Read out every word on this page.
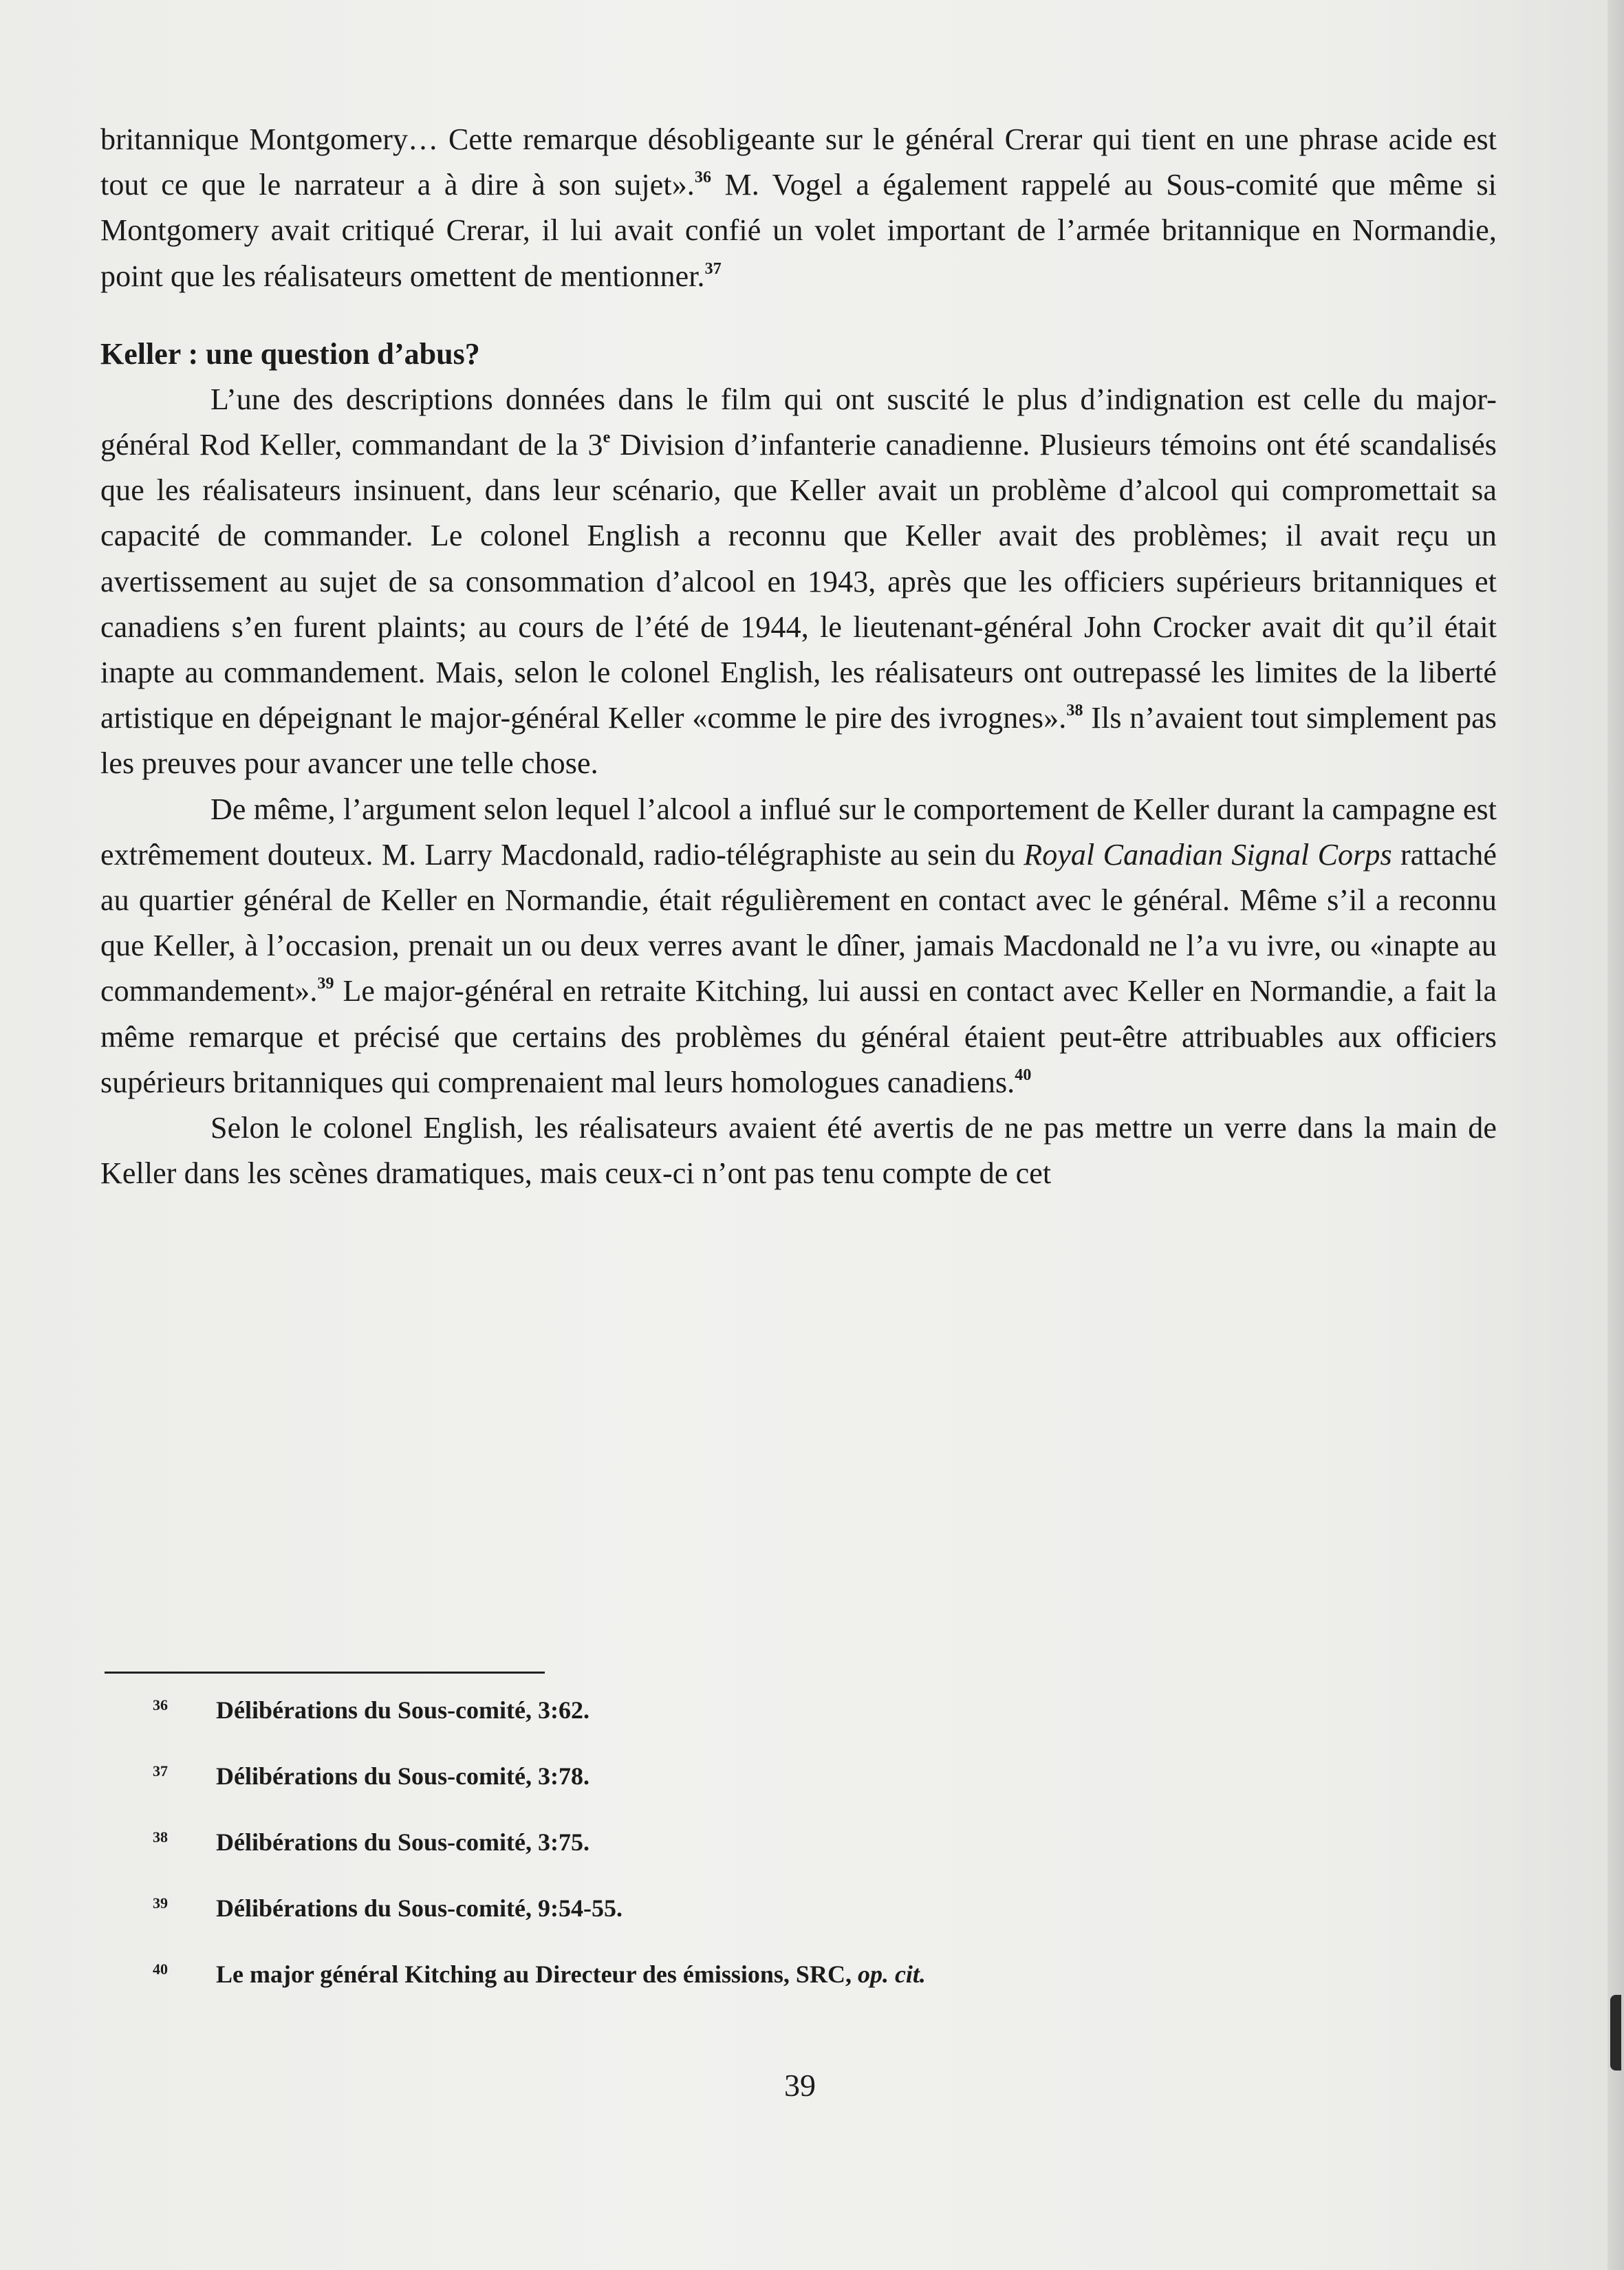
britannique Montgomery… Cette remarque désobligeante sur le général Crerar qui tient en une phrase acide est tout ce que le narrateur a à dire à son sujet».$^{36}$ M. Vogel a également rappelé au Sous-comité que même si Montgomery avait critiqué Crerar, il lui avait confié un volet important de l’armée britannique en Normandie, point que les réalisateurs omettent de mentionner.$^{37}$

Keller : une question d’abus?

L’une des descriptions données dans le film qui ont suscité le plus d’indignation est celle du major-général Rod Keller, commandant de la 3e Division d’infanterie canadienne. Plusieurs témoins ont été scandalisés que les réalisateurs insinuent, dans leur scénario, que Keller avait un problème d’alcool qui compromettait sa capacité de commander. Le colonel English a reconnu que Keller avait des problèmes; il avait reçu un avertissement au sujet de sa consommation d’alcool en 1943, après que les officiers supérieurs britanniques et canadiens s’en furent plaints; au cours de l’été de 1944, le lieutenant-général John Crocker avait dit qu’il était inapte au commandement. Mais, selon le colonel English, les réalisateurs ont outrepassé les limites de la liberté artistique en dépeignant le major-général Keller «comme le pire des ivrognes».$^{38}$ Ils n’avaient tout simplement pas les preuves pour avancer une telle chose.

De même, l’argument selon lequel l’alcool a influé sur le comportement de Keller durant la campagne est extrêmement douteux. M. Larry Macdonald, radio-télégraphiste au sein du Royal Canadian Signal Corps rattaché au quartier général de Keller en Normandie, était régulièrement en contact avec le général. Même s’il a reconnu que Keller, à l’occasion, prenait un ou deux verres avant le dîner, jamais Macdonald ne l’a vu ivre, ou «inapte au commandement».$^{39}$ Le major-général en retraite Kitching, lui aussi en contact avec Keller en Normandie, a fait la même remarque et précisé que certains des problèmes du général étaient peut-être attribuables aux officiers supérieurs britanniques qui comprenaient mal leurs homologues canadiens.$^{40}$

Selon le colonel English, les réalisateurs avaient été avertis de ne pas mettre un verre dans la main de Keller dans les scènes dramatiques, mais ceux-ci n’ont pas tenu compte de cet

36 Délibérations du Sous-comité, 3:62.
37 Délibérations du Sous-comité, 3:78.
38 Délibérations du Sous-comité, 3:75.
39 Délibérations du Sous-comité, 9:54-55.
40 Le major général Kitching au Directeur des émissions, SRC, op. cit.
39
